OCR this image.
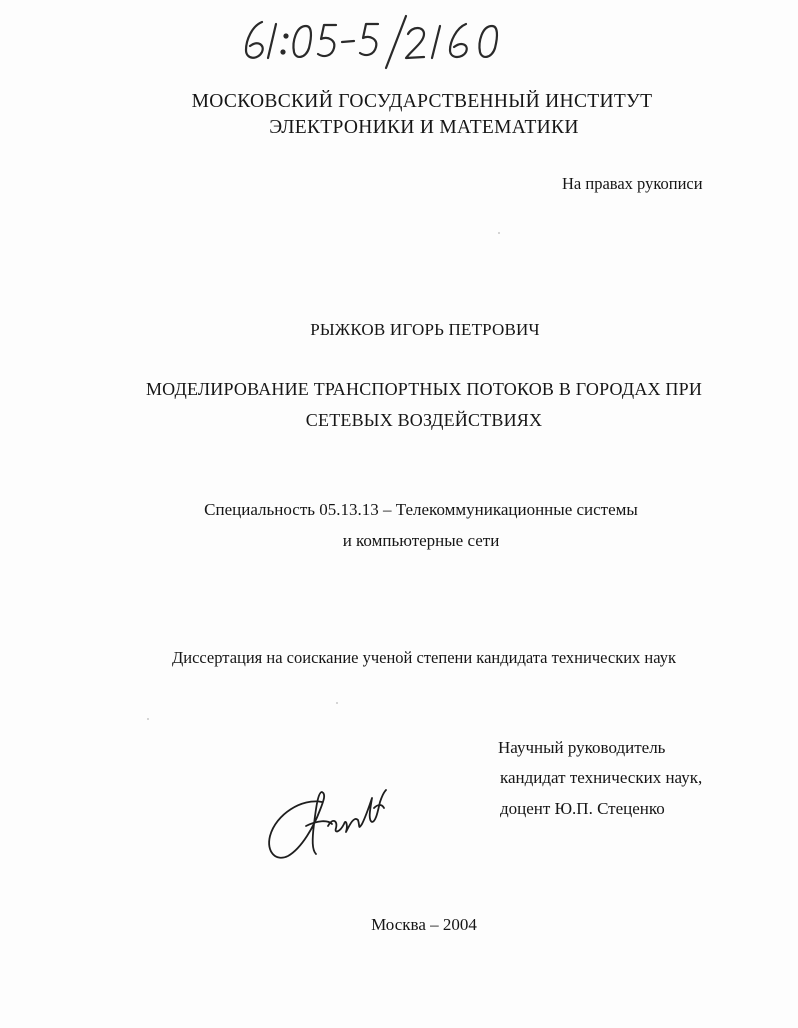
МОСКОВСКИЙ ГОСУДАРСТВЕННЫЙ ИНСТИТУТ
ЭЛЕКТРОНИКИ И МАТЕМАТИКИ
На правах рукописи
РЫЖКОВ ИГОРЬ ПЕТРОВИЧ
МОДЕЛИРОВАНИЕ ТРАНСПОРТНЫХ ПОТОКОВ В ГОРОДАХ ПРИ
СЕТЕВЫХ ВОЗДЕЙСТВИЯХ
Специальность 05.13.13 – Телекоммуникационные системы
и компьютерные сети
Диссертация на соискание ученой степени кандидата технических наук
Научный руководитель
кандидат технических наук,
доцент Ю.П. Стеценко
Москва – 2004
